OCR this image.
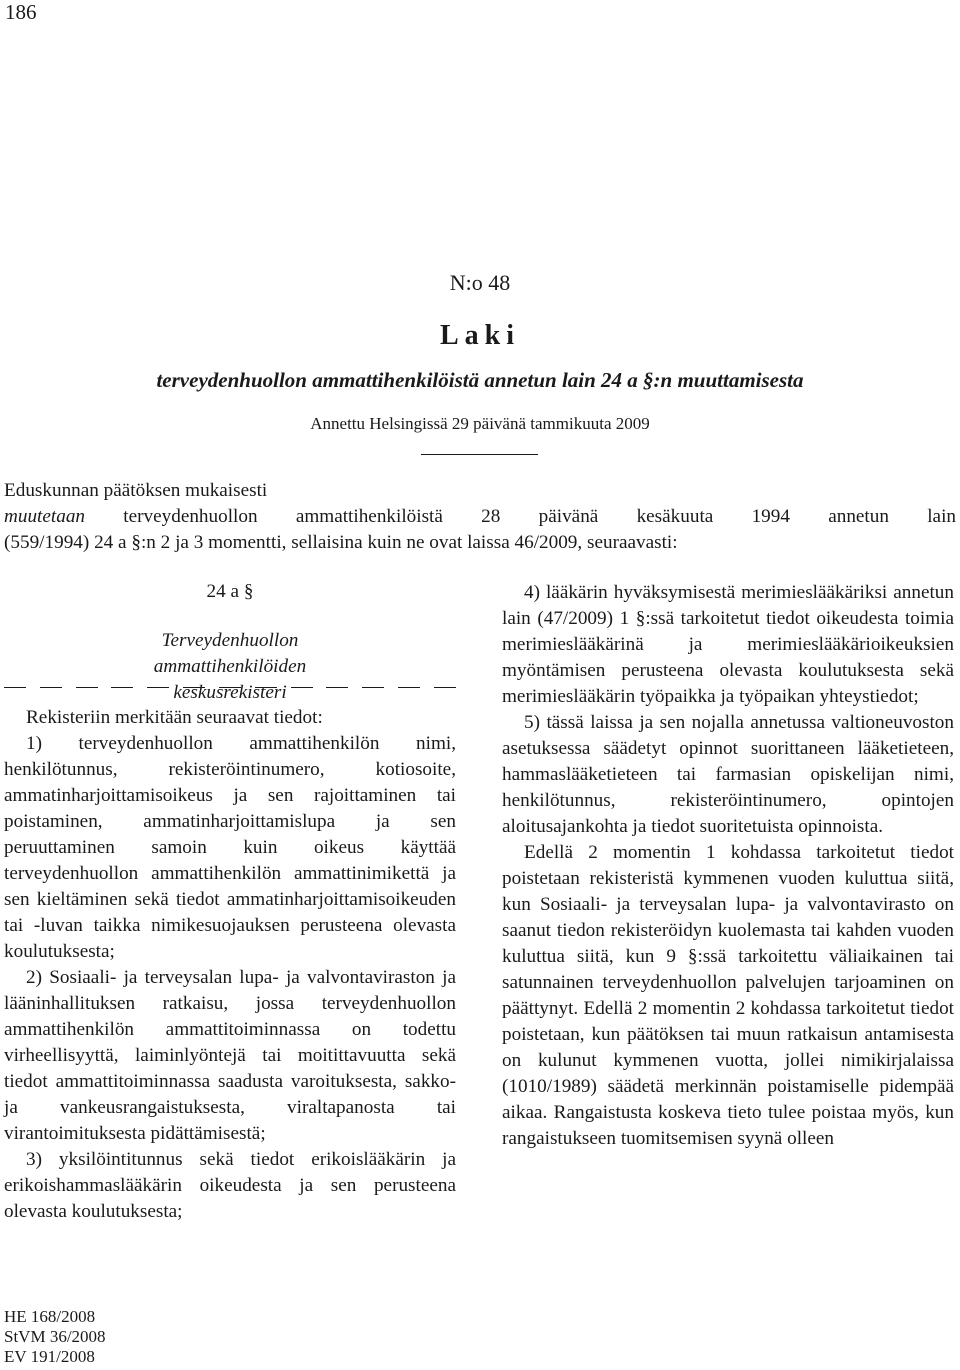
186
N:o 48
Laki
terveydenhuollon ammattihenkilöistä annetun lain 24 a §:n muuttamisesta
Annettu Helsingissä 29 päivänä tammikuuta 2009

Eduskunnan päätöksen mukaisesti

muutetaan terveydenhuollon ammattihenkilöistä 28 päivänä kesäkuuta 1994 annetun lain

(559/1994) 24 a §:n 2 ja 3 momentti, sellaisina kuin ne ovat laissa 46/2009, seuraavasti:

24 a §
Terveydenhuollon ammattihenkilöiden keskusrekisteri

Rekisteriin merkitään seuraavat tiedot:

1) terveydenhuollon ammattihenkilön nimi, henkilötunnus, rekisteröintinumero, kotiosoite, ammatinharjoittamisoikeus ja sen rajoittaminen tai poistaminen, ammatinharjoittamislupa ja sen peruuttaminen samoin kuin oikeus käyttää terveydenhuollon ammattihenkilön ammattinimikettä ja sen kieltäminen sekä tiedot ammatinharjoittamisoikeuden tai -luvan taikka nimikesuojauksen perusteena olevasta koulutuksesta;

2) Sosiaali- ja terveysalan lupa- ja valvontaviraston ja lääninhallituksen ratkaisu, jossa terveydenhuollon ammattihenkilön ammattitoiminnassa on todettu virheellisyyttä, laiminlyöntejä tai moitittavuutta sekä tiedot ammattitoiminnassa saadusta varoituksesta, sakko- ja vankeusrangaistuksesta, viraltapanosta tai virantoimituksesta pidättämisestä;

3) yksilöintitunnus sekä tiedot erikoislääkärin ja erikoishammaslääkärin oikeudesta ja sen perusteena olevasta koulutuksesta;

4) lääkärin hyväksymisestä merimieslääkäriksi annetun lain (47/2009) 1 §:ssä tarkoitetut tiedot oikeudesta toimia merimieslääkärinä ja merimieslääkärioikeuksien myöntämisen perusteena olevasta koulutuksesta sekä merimieslääkärin työpaikka ja työpaikan yhteystiedot;

5) tässä laissa ja sen nojalla annetussa valtioneuvoston asetuksessa säädetyt opinnot suorittaneen lääketieteen, hammaslääketieteen tai farmasian opiskelijan nimi, henkilötunnus, rekisteröintinumero, opintojen aloitusajankohta ja tiedot suoritetuista opinnoista.

Edellä 2 momentin 1 kohdassa tarkoitetut tiedot poistetaan rekisteristä kymmenen vuoden kuluttua siitä, kun Sosiaali- ja terveysalan lupa- ja valvontavirasto on saanut tiedon rekisteröidyn kuolemasta tai kahden vuoden kuluttua siitä, kun 9 §:ssä tarkoitettu väliaikainen tai satunnainen terveydenhuollon palvelujen tarjoaminen on päättynyt. Edellä 2 momentin 2 kohdassa tarkoitetut tiedot poistetaan, kun päätöksen tai muun ratkaisun antamisesta on kulunut kymmenen vuotta, jollei nimikirjalaissa (1010/1989) säädetä merkinnän poistamiselle pidempää aikaa. Rangaistusta koskeva tieto tulee poistaa myös, kun rangaistukseen tuomitsemisen syynä olleen

HE 168/2008
StVM 36/2008
EV 191/2008
